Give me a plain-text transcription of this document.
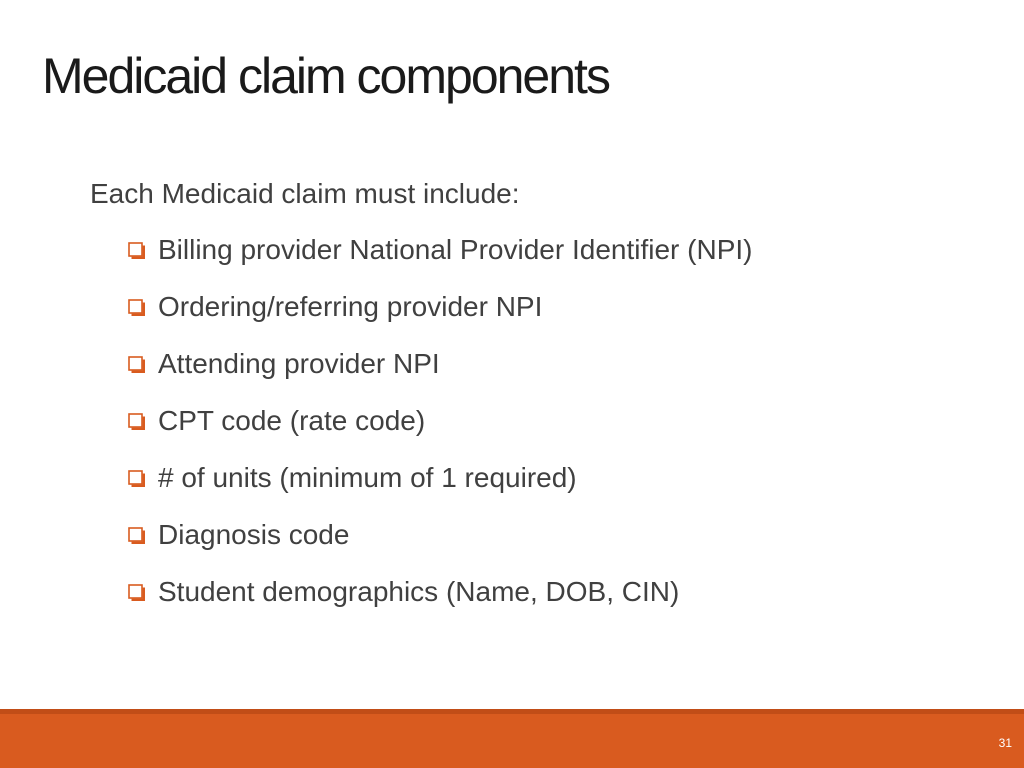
Medicaid claim components
Each Medicaid claim must include:
Billing provider National Provider Identifier (NPI)
Ordering/referring provider NPI
Attending provider NPI
CPT code (rate code)
# of units (minimum of 1 required)
Diagnosis code
Student demographics (Name, DOB, CIN)
31
